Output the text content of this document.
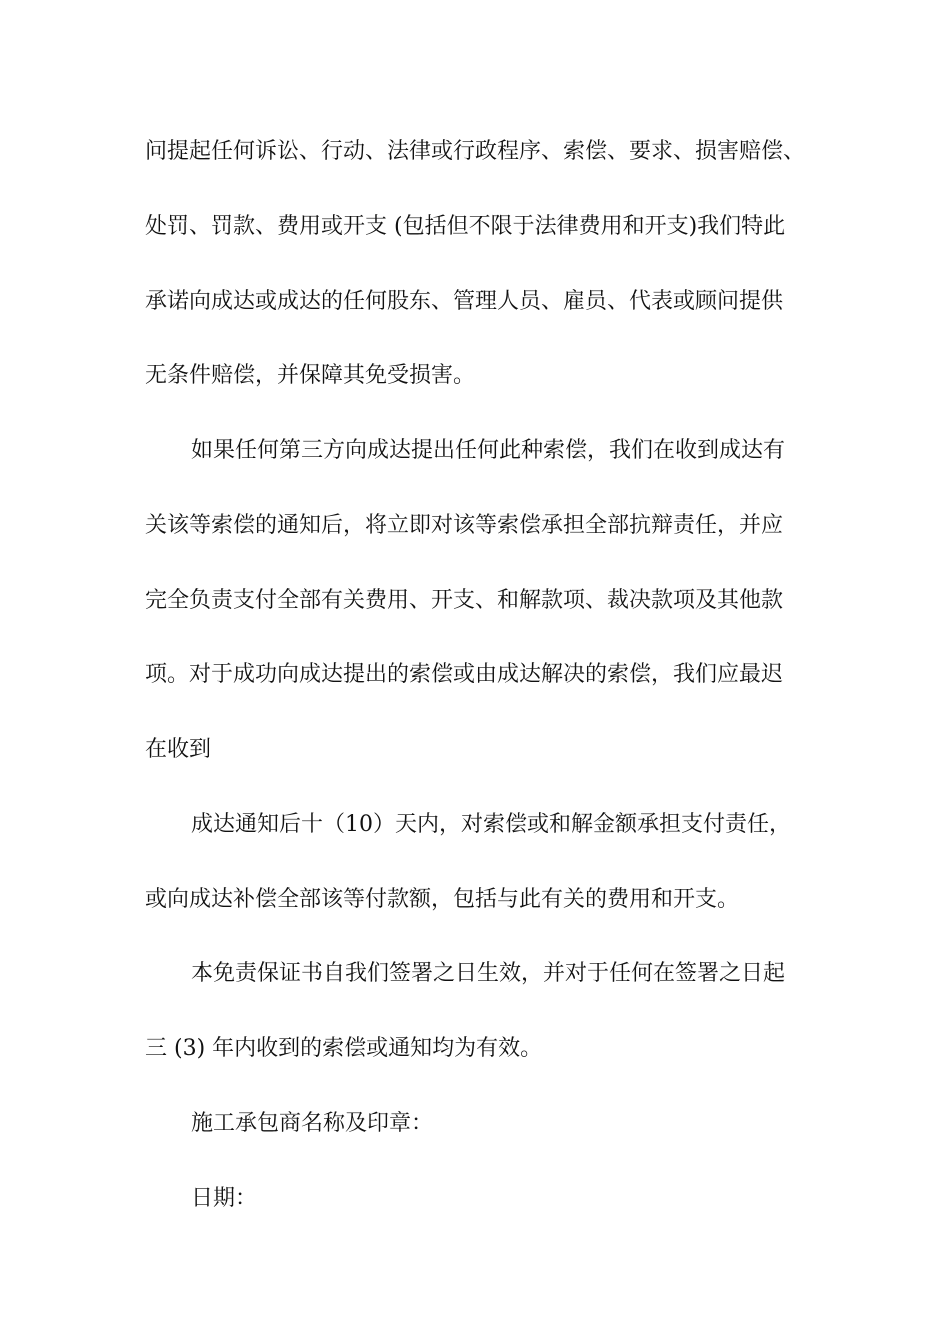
问提起任何诉讼、行动、法律或行政程序、索偿、要求、损害赔偿、
处罚、罚款、费用或开支 (包括但不限于法律费用和开支)我们特此
承诺向成达或成达的任何股东、管理人员、雇员、代表或顾问提供
无条件赔偿，并保障其免受损害。
如果任何第三方向成达提出任何此种索偿，我们在收到成达有
关该等索偿的通知后，将立即对该等索偿承担全部抗辩责任，并应
完全负责支付全部有关费用、开支、和解款项、裁决款项及其他款
项。对于成功向成达提出的索偿或由成达解决的索偿，我们应最迟
在收到
成达通知后十（10）天内，对索偿或和解金额承担支付责任，
或向成达补偿全部该等付款额，包括与此有关的费用和开支。
本免责保证书自我们签署之日生效，并对于任何在签署之日起
三 (3) 年内收到的索偿或通知均为有效。
施工承包商名称及印章：
日期：
